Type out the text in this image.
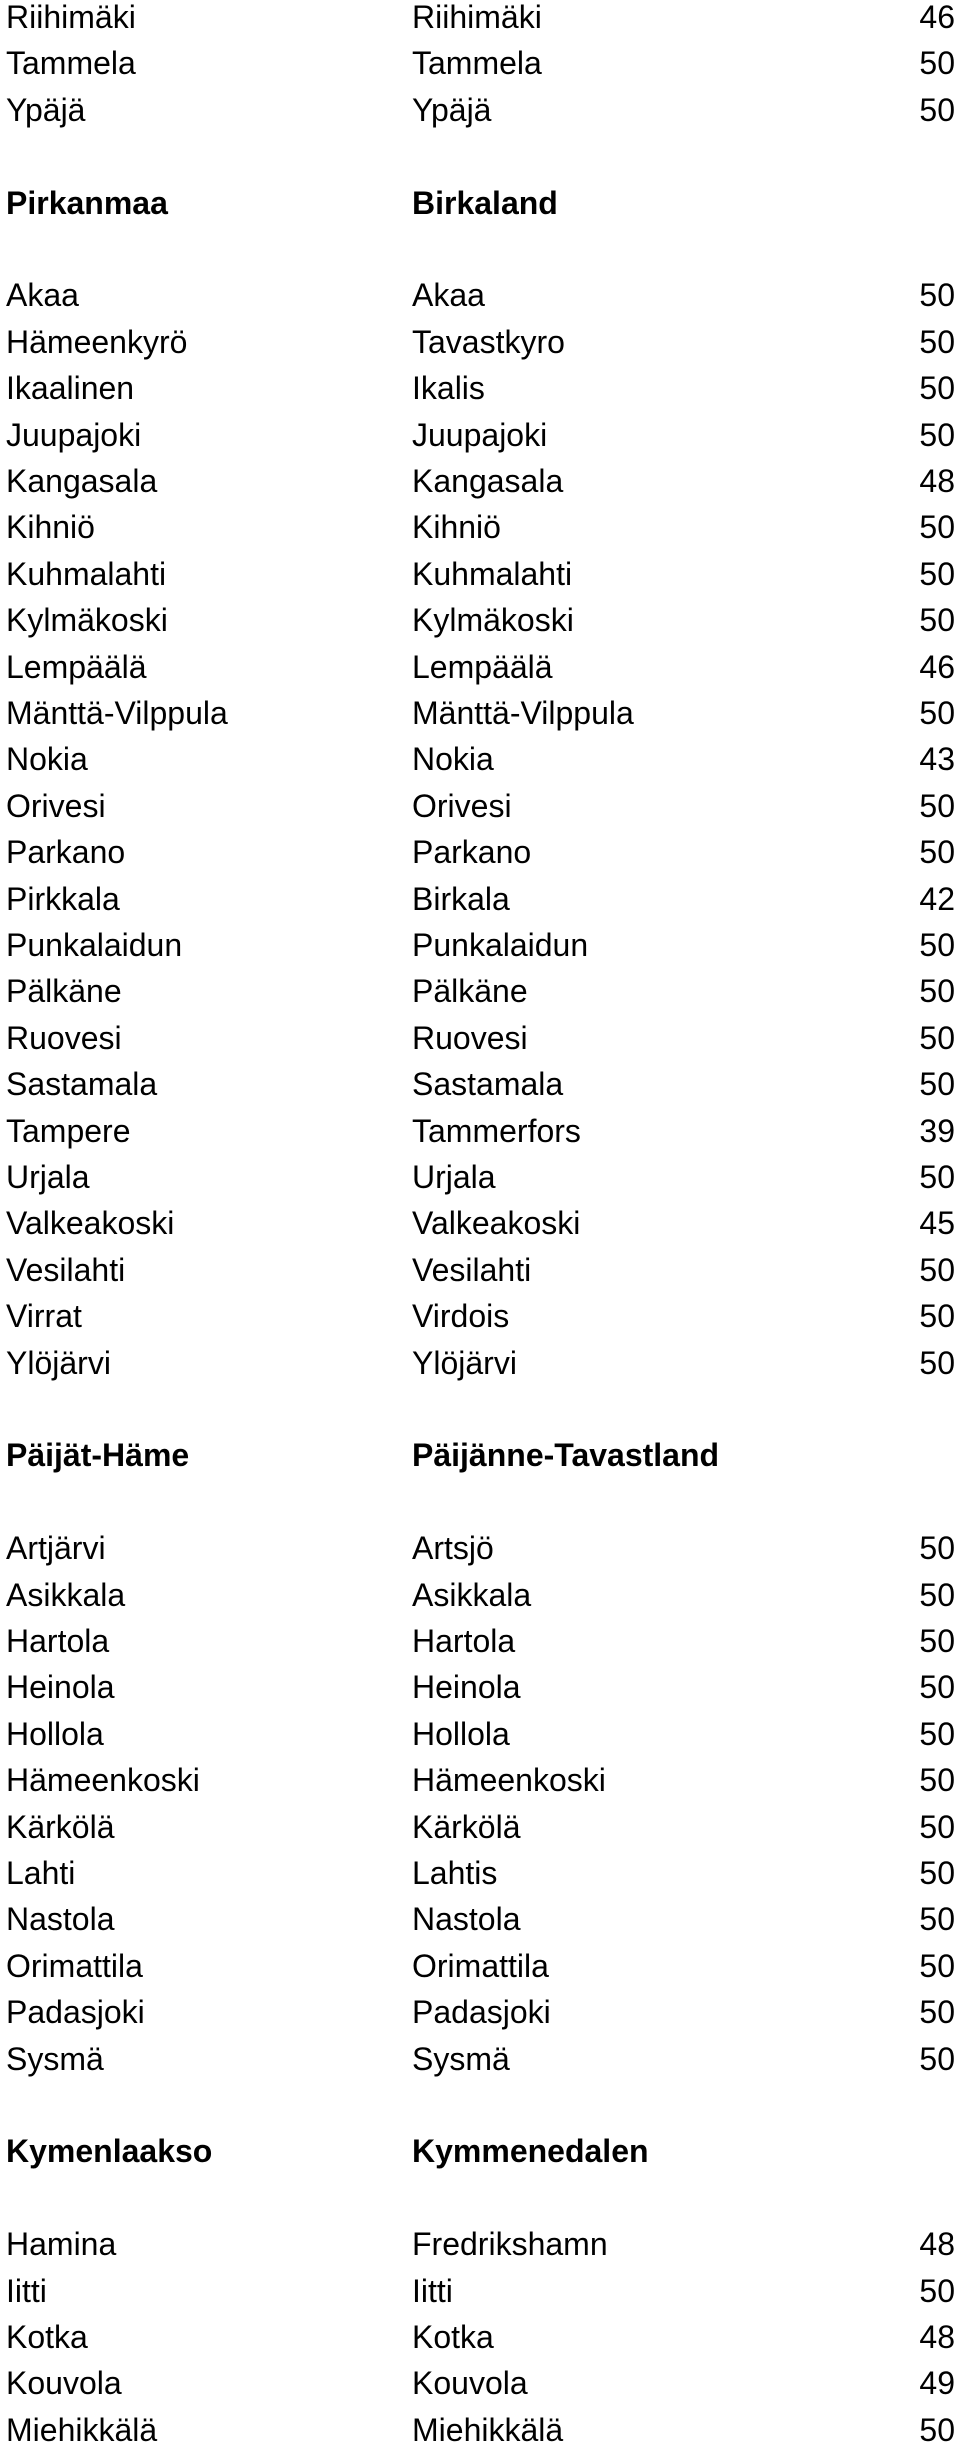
Riihimäki	Riihimäki	46
Tammela	Tammela	50
Ypäjä	Ypäjä	50
Pirkanmaa	Birkaland
Akaa	Akaa	50
Hämeenkyrö	Tavastkyro	50
Ikaalinen	Ikalis	50
Juupajoki	Juupajoki	50
Kangasala	Kangasala	48
Kihniö	Kihniö	50
Kuhmalahti	Kuhmalahti	50
Kylmäkoski	Kylmäkoski	50
Lempäälä	Lempäälä	46
Mänttä-Vilppula	Mänttä-Vilppula	50
Nokia	Nokia	43
Orivesi	Orivesi	50
Parkano	Parkano	50
Pirkkala	Birkala	42
Punkalaidun	Punkalaidun	50
Pälkäne	Pälkäne	50
Ruovesi	Ruovesi	50
Sastamala	Sastamala	50
Tampere	Tammerfors	39
Urjala	Urjala	50
Valkeakoski	Valkeakoski	45
Vesilahti	Vesilahti	50
Virrat	Virdois	50
Ylöjärvi	Ylöjärvi	50
Päijät-Häme	Päijänne-Tavastland
Artjärvi	Artsjö	50
Asikkala	Asikkala	50
Hartola	Hartola	50
Heinola	Heinola	50
Hollola	Hollola	50
Hämeenkoski	Hämeenkoski	50
Kärkölä	Kärkölä	50
Lahti	Lahtis	50
Nastola	Nastola	50
Orimattila	Orimattila	50
Padasjoki	Padasjoki	50
Sysmä	Sysmä	50
Kymenlaakso	Kymmenedalen
Hamina	Fredrikshamn	48
Iitti	Iitti	50
Kotka	Kotka	48
Kouvola	Kouvola	49
Miehikkälä	Miehikkälä	50
